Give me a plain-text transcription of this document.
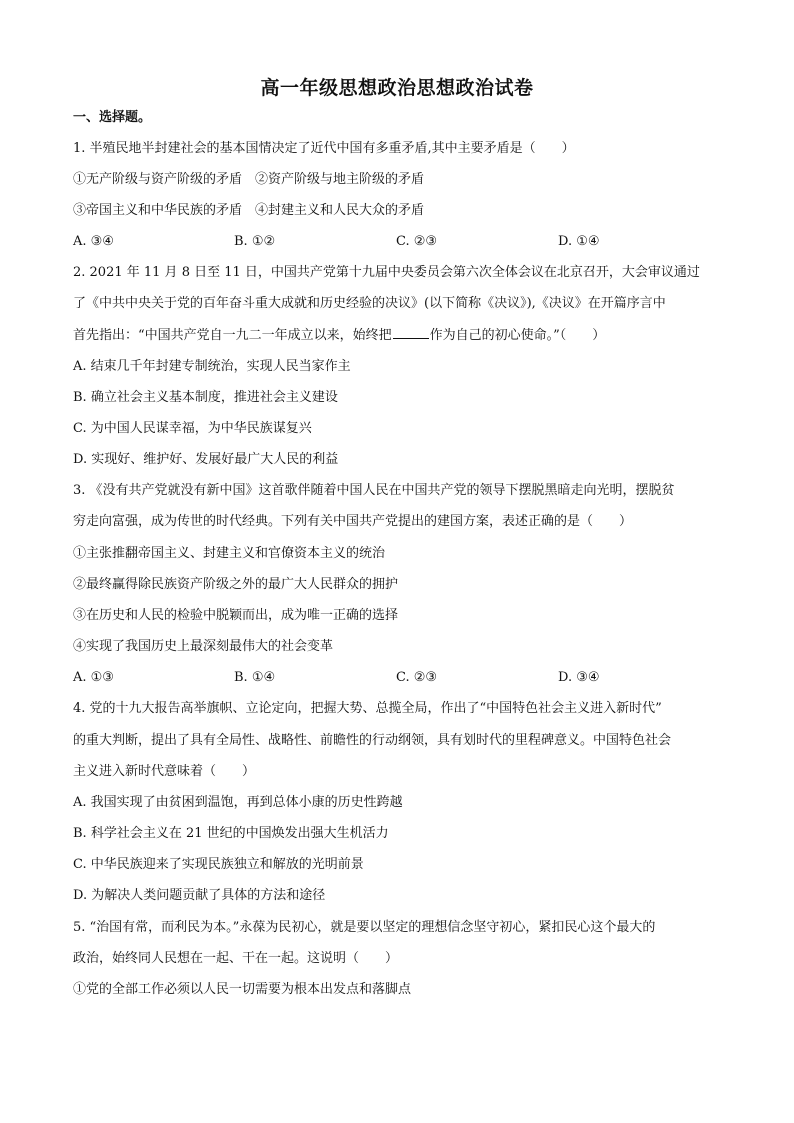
高一年级思想政治思想政治试卷
一、选择题。
1. 半殖民地半封建社会的基本国情决定了近代中国有多重矛盾,其中主要矛盾是（　　）
①无产阶级与资产阶级的矛盾　②资产阶级与地主阶级的矛盾
③帝国主义和中华民族的矛盾　④封建主义和人民大众的矛盾
A. ③④	B. ①②	C. ②③	D. ①④
2. 2021 年 11 月 8 日至 11 日，中国共产党第十九届中央委员会第六次全体会议在北京召开，大会审议通过
了《中共中央关于党的百年奋斗重大成就和历史经验的决议》(以下简称《决议》),《决议》在开篇序言中
首先指出：“中国共产党自一九二一年成立以来，始终把	作为自己的初心使命。”（　　）
A. 结束几千年封建专制统治，实现人民当家作主
B. 确立社会主义基本制度，推进社会主义建设
C. 为中国人民谋幸福，为中华民族谋复兴
D. 实现好、维护好、发展好最广大人民的利益
3. 《没有共产党就没有新中国》这首歌伴随着中国人民在中国共产党的领导下摆脱黑暗走向光明，摆脱贫
穷走向富强，成为传世的时代经典。下列有关中国共产党提出的建国方案，表述正确的是（　　）
①主张推翻帝国主义、封建主义和官僚资本主义的统治
②最终赢得除民族资产阶级之外的最广大人民群众的拥护
③在历史和人民的检验中脱颖而出，成为唯一正确的选择
④实现了我国历史上最深刻最伟大的社会变革
A. ①③	B. ①④	C. ②③	D. ③④
4. 党的十九大报告高举旗帜、立论定向，把握大势、总揽全局，作出了“中国特色社会主义进入新时代”
的重大判断，提出了具有全局性、战略性、前瞻性的行动纲领，具有划时代的里程碑意义。中国特色社会
主义进入新时代意味着（　　）
A. 我国实现了由贫困到温饱，再到总体小康的历史性跨越
B. 科学社会主义在 21 世纪的中国焕发出强大生机活力
C. 中华民族迎来了实现民族独立和解放的光明前景
D. 为解决人类问题贡献了具体的方法和途径
5. “治国有常，而利民为本。”永葆为民初心，就是要以坚定的理想信念坚守初心，紧扣民心这个最大的
政治，始终同人民想在一起、干在一起。这说明（　　）
①党的全部工作必须以人民一切需要为根本出发点和落脚点
